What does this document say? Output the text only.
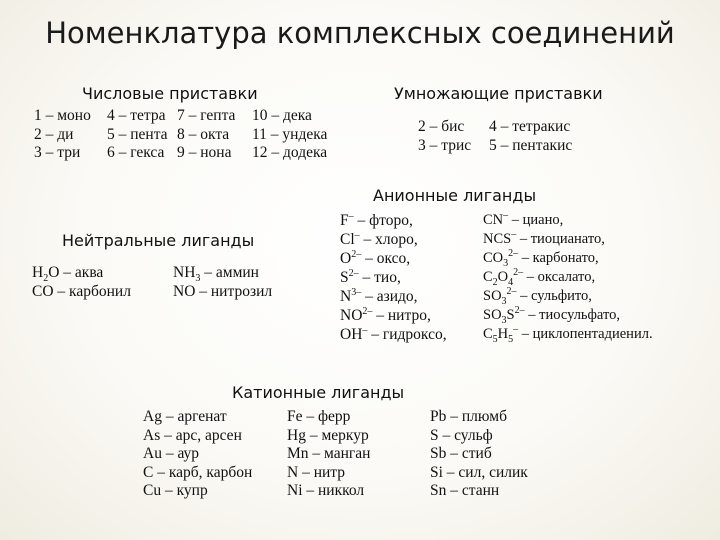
Номенклатура комплексных соединений
Числовые приставки
1 – моно
2 – ди
3 – три
4 – тетра
5 – пента
6 – гекса
7 – гепта
8 – окта
9 – нона
10 – дека
11 – ундека
12 – додека
Умножающие приставки
2 – бис
3 – трис
4 – тетракис
5 – пентакис
Анионные лиганды
F– – фторо,
Cl– – хлоро,
$O^{2-}$ – оксо,
$S^{2-}$ – тио,
$N^{3-}$ – азидо,
$NO^{2-}$ – нитро,
OH– – гидроксо,
CN– – циано,
NCS– – тиоцианато,
$CO_3^{2-}$ – карбонато,
$C_2O_4^{2-}$ – оксалато,
$SO_3^{2-}$ – сульфито,
$SO_3S^{2-}$ – тиосульфато,
$C_5H_5^-$ – циклопентадиенил.
Нейтральные лиганды
$H_2O$ – аква
CO – карбонил
$NH_3$ – аммин
NO – нитрозил
Катионные лиганды
Ag – аргенат
As – арс, арсен
Au – аур
C – карб, карбон
Cu – купр
Fe – ферр
Hg – меркур
Mn – манган
N – нитр
Ni – никкол
Pb – плюмб
S – сульф
Sb – стиб
Si – сил, силик
Sn – станн
